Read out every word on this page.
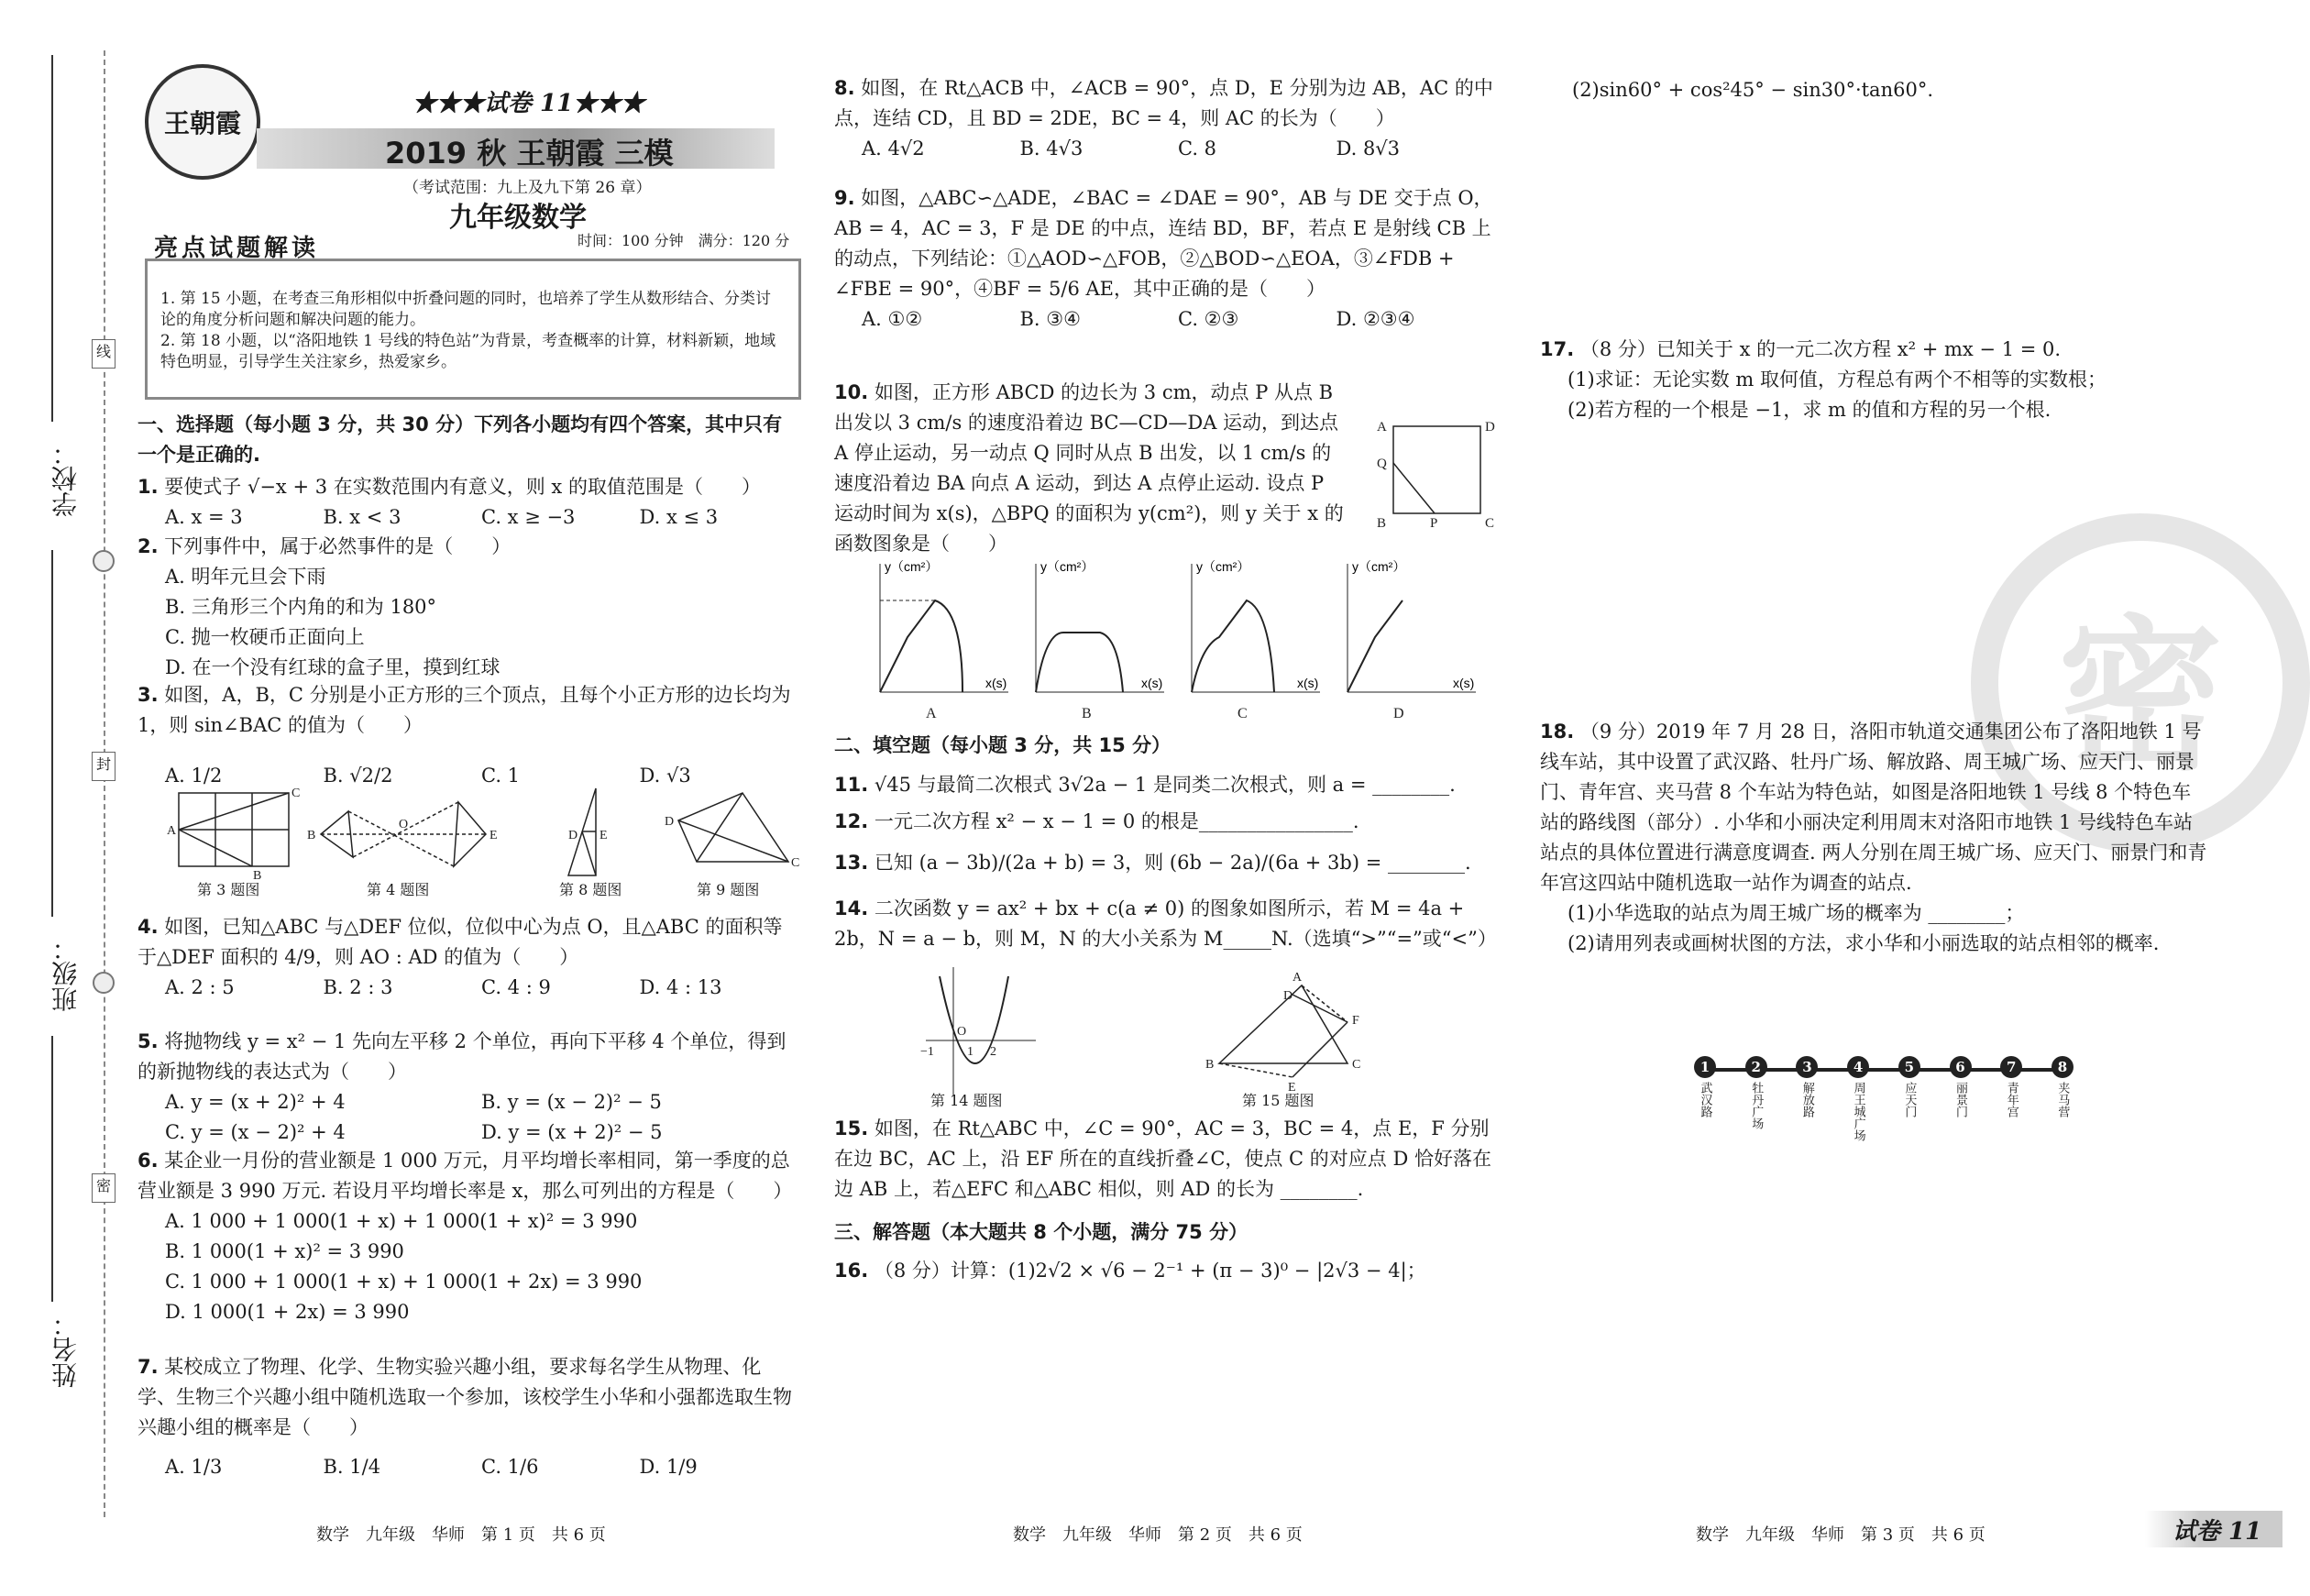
学校：
班级：
姓名：
线
封
密
王朝霞
★★★试卷 11★★★
2019 秋 王朝霞 三模
（考试范围：九上及九下第 26 章）
九年级数学
时间：100 分钟　满分：120 分
亮点试题解读
1. 第 15 小题，在考查三角形相似中折叠问题的同时，也培养了学生从数形结合、分类讨论的角度分析问题和解决问题的能力。
2. 第 18 小题，以“洛阳地铁 1 号线的特色站”为背景，考查概率的计算，材料新颖，地域特色明显，引导学生关注家乡，热爱家乡。
一、选择题（每小题 3 分，共 30 分）下列各小题均有四个答案，其中只有一个是正确的.
1. 要使式子 √−x + 3 在实数范围内有意义，则 x 的取值范围是（　　）
A. x = 3	B. x < 3	C. x ≥ −3	D. x ≤ 3
2. 下列事件中，属于必然事件的是（　　）
A. 明年元旦会下雨
B. 三角形三个内角的和为 180°
C. 抛一枚硬币正面向上
D. 在一个没有红球的盒子里，摸到红球
3. 如图，A，B，C 分别是小正方形的三个顶点，且每个小正方形的边长均为 1，则 sin∠BAC 的值为（　　）
A. 1/2	B. √2/2	C. 1	D. √3
A
C
B
B
O
E	E
D
D
C
第 3 题图	第 4 题图	第 8 题图	第 9 题图
4. 如图，已知△ABC 与△DEF 位似，位似中心为点 O，且△ABC 的面积等于△DEF 面积的 4/9，则 AO : AD 的值为（　　）
A. 2 : 5	B. 2 : 3	C. 4 : 9	D. 4 : 13
5. 将抛物线 y = x² − 1 先向左平移 2 个单位，再向下平移 4 个单位，得到的新抛物线的表达式为（　　）
A. y = (x + 2)² + 4	B. y = (x − 2)² − 5
C. y = (x − 2)² + 4	D. y = (x + 2)² − 5
6. 某企业一月份的营业额是 1 000 万元，月平均增长率相同，第一季度的总营业额是 3 990 万元. 若设月平均增长率是 x，那么可列出的方程是（　　）
A. 1 000 + 1 000(1 + x) + 1 000(1 + x)² = 3 990
B. 1 000(1 + x)² = 3 990
C. 1 000 + 1 000(1 + x) + 1 000(1 + 2x) = 3 990
D. 1 000(1 + 2x) = 3 990
7. 某校成立了物理、化学、生物实验兴趣小组，要求每名学生从物理、化学、生物三个兴趣小组中随机选取一个参加，该校学生小华和小强都选取生物兴趣小组的概率是（　　）
A. 1/3	B. 1/4	C. 1/6	D. 1/9
8. 如图，在 Rt△ACB 中，∠ACB = 90°，点 D，E 分别为边 AB，AC 的中点，连结 CD，且 BD = 2DE，BC = 4，则 AC 的长为（　　）
A. 4√2	B. 4√3	C. 8	D. 8√3
9. 如图，△ABC∽△ADE，∠BAC = ∠DAE = 90°，AB 与 DE 交于点 O，AB = 4，AC = 3，F 是 DE 的中点，连结 BD，BF，若点 E 是射线 CB 上的动点，下列结论：①△AOD∽△FOB，②△BOD∽△EOA，③∠FDB + ∠FBE = 90°，④BF = 5/6 AE，其中正确的是（　　）
A. ①②	B. ③④	C. ②③	D. ②③④
10. 如图，正方形 ABCD 的边长为 3 cm，动点 P 从点 B 出发以 3 cm/s 的速度沿着边 BC—CD—DA 运动，到达点 A 停止运动，另一动点 Q 同时从点 B 出发，以 1 cm/s 的速度沿着边 BA 向点 A 运动，到达 A 点停止运动. 设点 P 运动时间为 x(s)，△BPQ 的面积为 y(cm²)，则 y 关于 x 的函数图象是（　　）
A	D
Q
B	P	C
y（cm²）
x(s)
A
y（cm²）
x(s)
B
y（cm²）
x(s)
C
y（cm²）
x(s)
D
二、填空题（每小题 3 分，共 15 分）
11. √45 与最简二次根式 3√2a − 1 是同类二次根式，则 a = ________.
12. 一元二次方程 x² − x − 1 = 0 的根是________________.
13. 已知 (a − 3b)/(2a + b) = 3，则 (6b − 2a)/(6a + 3b) = ________.
14. 二次函数 y = ax² + bx + c(a ≠ 0) 的图象如图所示，若 M = 4a + 2b，N = a − b，则 M，N 的大小关系为 M_____N.（选填“>”“=”或“<”）
−1
O
1 2
B
A
C
F
E
D
第 14 题图	第 15 题图
15. 如图，在 Rt△ABC 中，∠C = 90°，AC = 3，BC = 4，点 E，F 分别在边 BC，AC 上，沿 EF 所在的直线折叠∠C，使点 C 的对应点 D 恰好落在边 AB 上，若△EFC 和△ABC 相似，则 AD 的长为 ________.
三、解答题（本大题共 8 个小题，满分 75 分）
16. （8 分）计算：(1)2√2 × √6 − 2⁻¹ + (π − 3)⁰ − |2√3 − 4|；
(2)sin60° + cos²45° − sin30°·tan60°.
17. （8 分）已知关于 x 的一元二次方程 x² + mx − 1 = 0.
(1)求证：无论实数 m 取何值，方程总有两个不相等的实数根；
(2)若方程的一个根是 −1，求 m 的值和方程的另一个根.
18. （9 分）2019 年 7 月 28 日，洛阳市轨道交通集团公布了洛阳地铁 1 号线车站，其中设置了武汉路、牡丹广场、解放路、周王城广场、应天门、丽景门、青年宫、夹马营 8 个车站为特色站，如图是洛阳地铁 1 号线 8 个特色车站的路线图（部分）. 小华和小丽决定利用周末对洛阳市地铁 1 号线特色车站站点的具体位置进行满意度调查. 两人分别在周王城广场、应天门、丽景门和青年宫这四站中随机选取一站作为调查的站点.
(1)小华选取的站点为周王城广场的概率为 ________；
(2)请用列表或画树状图的方法，求小华和小丽选取的站点相邻的概率.
1
武汉路
2
牡丹广场
3
解放路
4
周王城广场
5
应天门
6
丽景门
7
青年宫
8
夹马营
密
数学　九年级　华师　第 1 页　共 6 页	数学　九年级　华师　第 2 页　共 6 页	数学　九年级　华师　第 3 页　共 6 页	试卷 11
